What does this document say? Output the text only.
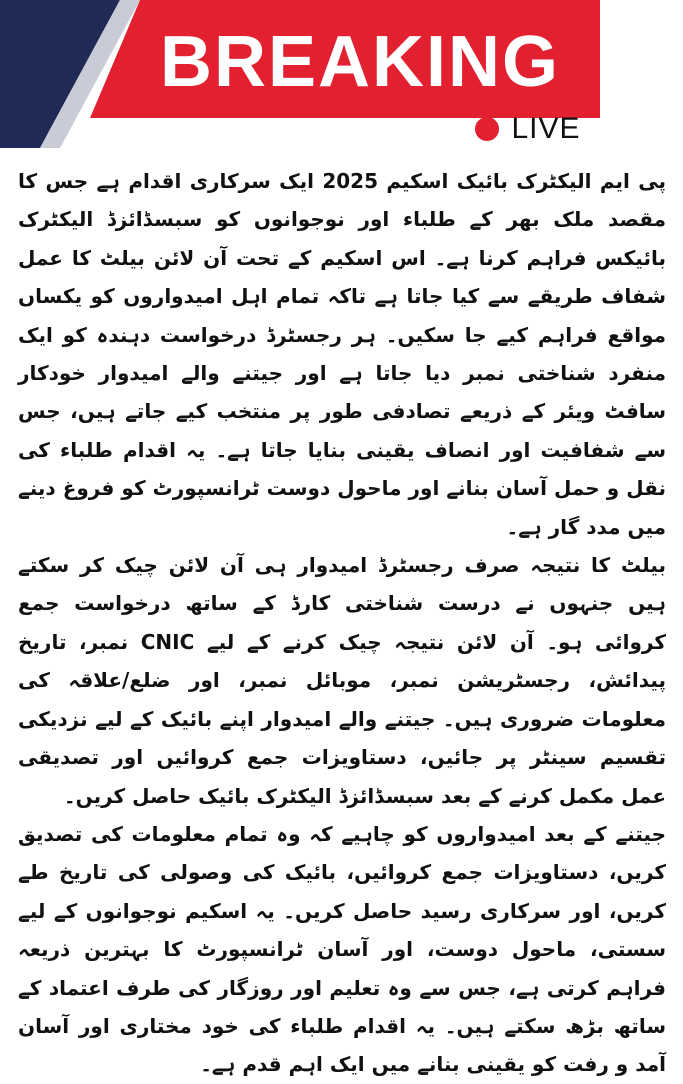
BREAKING
LIVE

پی ایم الیکٹرک بائیک اسکیم 2025 ایک سرکاری اقدام ہے جس کا مقصد ملک بھر کے طلباء اور نوجوانوں کو سبسڈائزڈ الیکٹرک بائیکس فراہم کرنا ہے۔ اس اسکیم کے تحت آن لائن بیلٹ کا عمل شفاف طریقے سے کیا جاتا ہے تاکہ تمام اہل امیدواروں کو یکساں مواقع فراہم کیے جا سکیں۔ ہر رجسٹرڈ درخواست دہندہ کو ایک منفرد شناختی نمبر دیا جاتا ہے اور جیتنے والے امیدوار خودکار سافٹ ویئر کے ذریعے تصادفی طور پر منتخب کیے جاتے ہیں، جس سے شفافیت اور انصاف یقینی بنایا جاتا ہے۔ یہ اقدام طلباء کی نقل و حمل آسان بنانے اور ماحول دوست ٹرانسپورٹ کو فروغ دینے میں مدد گار ہے۔

بیلٹ کا نتیجہ صرف رجسٹرڈ امیدوار ہی آن لائن چیک کر سکتے ہیں جنہوں نے درست شناختی کارڈ کے ساتھ درخواست جمع کروائی ہو۔ آن لائن نتیجہ چیک کرنے کے لیے CNIC نمبر، تاریخ پیدائش، رجسٹریشن نمبر، موبائل نمبر، اور ضلع/علاقہ کی معلومات ضروری ہیں۔ جیتنے والے امیدوار اپنے بائیک کے لیے نزدیکی تقسیم سینٹر پر جائیں، دستاویزات جمع کروائیں اور تصدیقی عمل مکمل کرنے کے بعد سبسڈائزڈ الیکٹرک بائیک حاصل کریں۔

جیتنے کے بعد امیدواروں کو چاہیے کہ وہ تمام معلومات کی تصدیق کریں، دستاویزات جمع کروائیں، بائیک کی وصولی کی تاریخ طے کریں، اور سرکاری رسید حاصل کریں۔ یہ اسکیم نوجوانوں کے لیے سستی، ماحول دوست، اور آسان ٹرانسپورٹ کا بہترین ذریعہ فراہم کرتی ہے، جس سے وہ تعلیم اور روزگار کی طرف اعتماد کے ساتھ بڑھ سکتے ہیں۔ یہ اقدام طلباء کی خود مختاری اور آسان آمد و رفت کو یقینی بنانے میں ایک اہم قدم ہے۔
